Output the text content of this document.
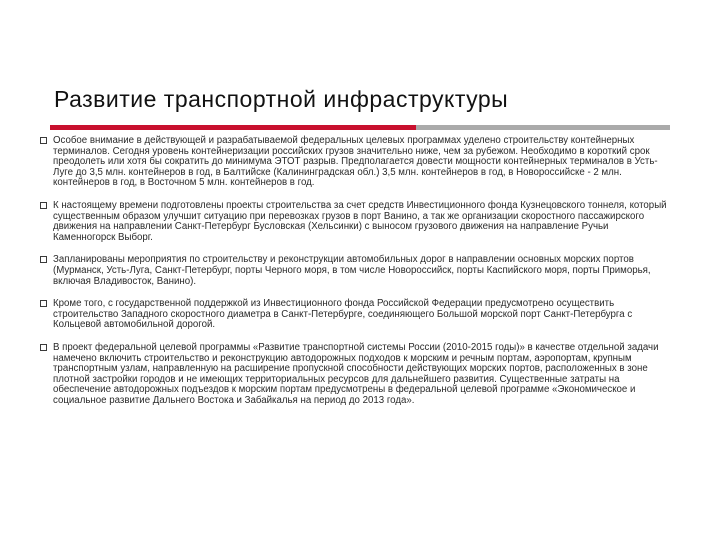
Развитие транспортной инфраструктуры
Особое внимание в действующей и разрабатываемой федеральных целевых программах уделено строительству контейнерных терминалов. Сегодня уровень контейнеризации российских грузов значительно ниже, чем за рубежом. Необходимо в короткий срок преодолеть или хотя бы сократить до минимума ЭТОТ разрыв. Предполагается довести мощности контейнерных терминалов в Усть-Луге до 3,5 млн. контейнеров в год, в Балтийске (Калининградская обл.) 3,5 млн. контейнеров в год, в Новороссийске - 2 млн. контейнеров в год, в Восточном 5 млн. контейнеров в год.
К настоящему времени подготовлены проекты строительства за счет средств Инвестиционного фонда Кузнецовского тоннеля, который существенным образом улучшит ситуацию при перевозках грузов в порт Ванино, а так же организации скоростного пассажирского движения на направлении Санкт-Петербург Бусловская (Хельсинки) с выносом грузового движения на направление Ручьи Каменногорск Выборг.
Запланированы мероприятия по строительству и реконструкции автомобильных дорог в направлении основных морских портов (Мурманск, Усть-Луга, Санкт-Петербург, порты Черного моря, в том числе Новороссийск, порты Каспийского моря, порты Приморья, включая Владивосток, Ванино).
Кроме того, с государственной поддержкой из Инвестиционного фонда Российской Федерации предусмотрено осуществить строительство Западного скоростного диаметра в Санкт-Петербурге, соединяющего Большой морской порт Санкт-Петербурга с Кольцевой автомобильной дорогой.
В проект федеральной целевой программы «Развитие транспортной системы России (2010-2015 годы)» в качестве отдельной задачи намечено включить строительство и реконструкцию автодорожных подходов к морским и речным портам, аэропортам, крупным транспортным узлам, направленную на расширение пропускной способности действующих морских портов, расположенных в зоне плотной застройки городов и не имеющих территориальных ресурсов для дальнейшего развития. Существенные затраты на обеспечение автодорожных подъездов к морским портам предусмотрены в федеральной целевой программе «Экономическое и социальное развитие Дальнего Востока и Забайкалья на период до 2013 года».
